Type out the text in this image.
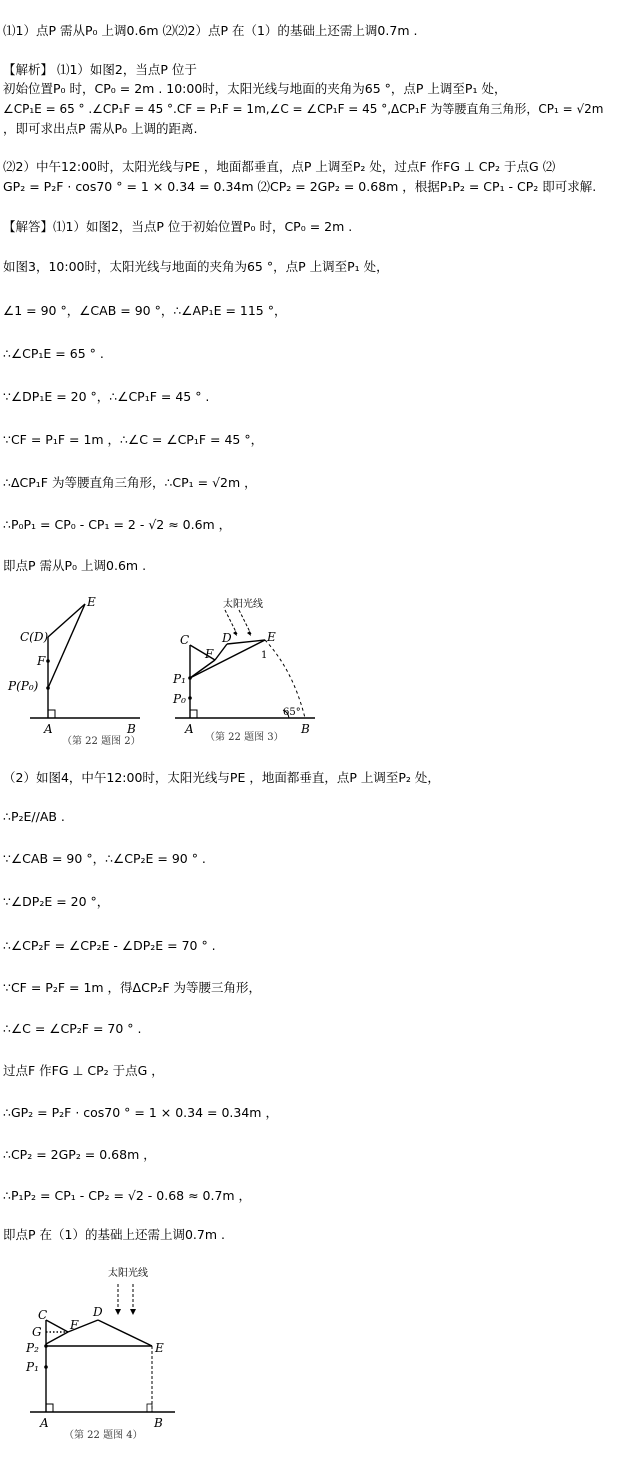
⑴1）点P 需从P₀ 上调0.6m ⑵⑵2）点P 在（1）的基础上还需上调0.7m .
【解析】 ⑴1）如图2，当点P 位于
初始位置P₀ 时，CP₀ = 2m . 10:00时，太阳光线与地面的夹角为65 °，点P 上调至P₁ 处，
∠CP₁E = 65 ° .∠CP₁F = 45 °.CF = P₁F = 1m,∠C = ∠CP₁F = 45 °,ΔCP₁F 为等腰直角三角形，CP₁ = √2m
，即可求出点P 需从P₀ 上调的距离.
⑵2）中午12:00时，太阳光线与PE ，地面都垂直，点P 上调至P₂ 处，过点F 作FG ⊥ CP₂ 于点G ⑵
GP₂ = P₂F · cos70 ° = 1 × 0.34 = 0.34m ⑵CP₂ = 2GP₂ = 0.68m ，根据P₁P₂ = CP₁ - CP₂ 即可求解.
【解答】⑴1）如图2，当点P 位于初始位置P₀ 时，CP₀ = 2m .
如图3，10:00时，太阳光线与地面的夹角为65 °，点P 上调至P₁ 处，
∠1 = 90 °，∠CAB = 90 °，∴∠AP₁E = 115 °，
∴∠CP₁E = 65 ° .
∵∠DP₁E = 20 °，∴∠CP₁F = 45 ° .
∵CF = P₁F = 1m ，∴∠C = ∠CP₁F = 45 °，
∴ΔCP₁F 为等腰直角三角形，∴CP₁ = √2m ，
∴P₀P₁ = CP₀ - CP₁ = 2 - √2 ≈ 0.6m ，
即点P 需从P₀ 上调0.6m .
E
C(D)
F
P(P₀)
A	B
（第 22 题图 2）
太阳光线
C	D	E
F	1
P₁
P₀
65°
A	B
（第 22 题图 3）
（2）如图4，中午12:00时，太阳光线与PE ，地面都垂直，点P 上调至P₂ 处，
∴P₂E//AB .
∵∠CAB = 90 °，∴∠CP₂E = 90 ° .
∵∠DP₂E = 20 °，
∴∠CP₂F = ∠CP₂E - ∠DP₂E = 70 ° .
∵CF = P₂F = 1m ，得ΔCP₂F 为等腰三角形，
∴∠C = ∠CP₂F = 70 ° .
过点F 作FG ⊥ CP₂ 于点G ，
∴GP₂ = P₂F · cos70 ° = 1 × 0.34 = 0.34m ，
∴CP₂ = 2GP₂ = 0.68m ，
∴P₁P₂ = CP₁ - CP₂ = √2 - 0.68 ≈ 0.7m ，
即点P 在（1）的基础上还需上调0.7m .
太阳光线
C	D
F
G
E
P₂
P₁
A	B
（第 22 题图 4）
